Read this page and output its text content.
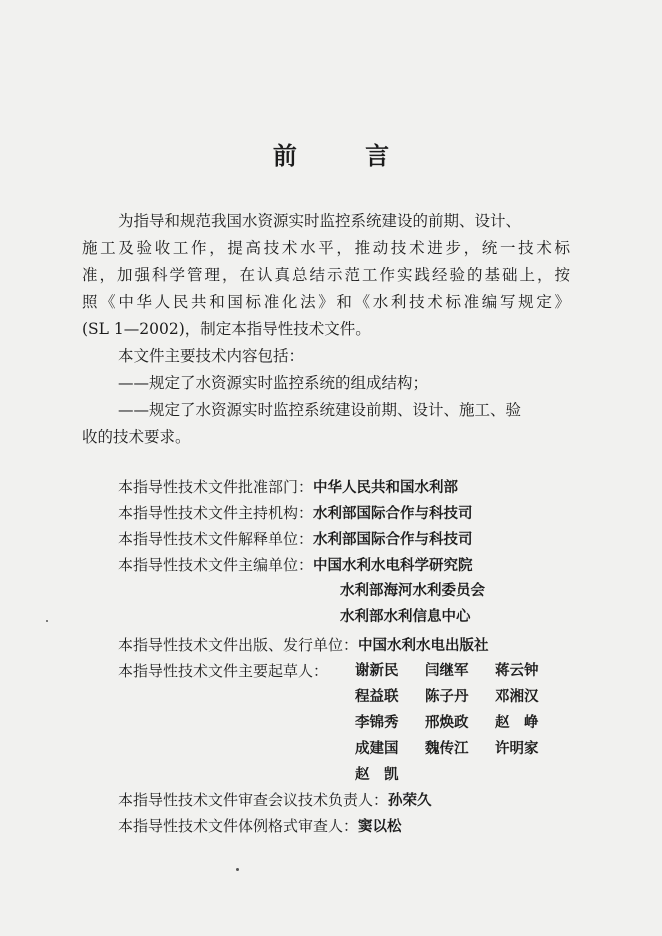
前 言
为指导和规范我国水资源实时监控系统建设的前期、设计、
施工及验收工作，提高技术水平，推动技术进步，统一技术标
准，加强科学管理，在认真总结示范工作实践经验的基础上，按
照《中华人民共和国标准化法》和《水利技术标准编写规定》
(SL 1—2002)，制定本指导性技术文件。
本文件主要技术内容包括：
——规定了水资源实时监控系统的组成结构；
——规定了水资源实时监控系统建设前期、设计、施工、验
收的技术要求。
本指导性技术文件批准部门：中华人民共和国水利部
本指导性技术文件主持机构：水利部国际合作与科技司
本指导性技术文件解释单位：水利部国际合作与科技司
本指导性技术文件主编单位：中国水利水电科学研究院
水利部海河水利委员会
水利部水利信息中心
本指导性技术文件出版、发行单位：中国水利水电出版社
本指导性技术文件主要起草人： 谢新民 闫继军 蒋云钟
程益联 陈子丹 邓湘汉
李锦秀 邢焕政 赵　峥
成建国 魏传江 许明家
赵　凯
本指导性技术文件审查会议技术负责人：孙荣久
本指导性技术文件体例格式审查人：窦以松
